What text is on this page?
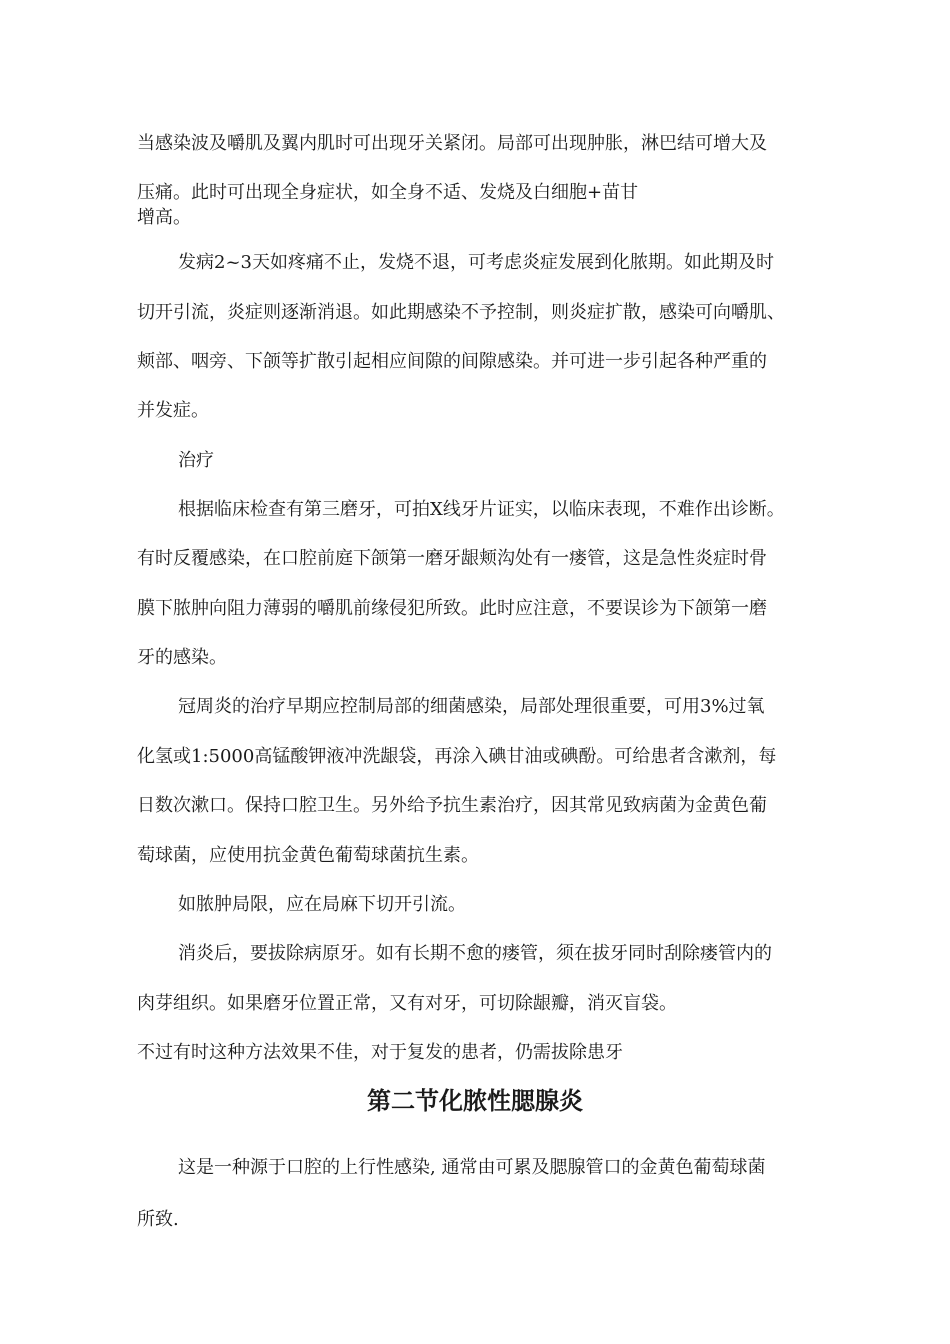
当感染波及嚼肌及翼内肌时可出现牙关紧闭。局部可出现肿胀，淋巴结可增大及
压痛。此时可出现全身症状，如全身不适、发烧及白细胞+苗甘
增高。
发病2~3天如疼痛不止，发烧不退，可考虑炎症发展到化脓期。如此期及时
切开引流，炎症则逐渐消退。如此期感染不予控制，则炎症扩散，感染可向嚼肌、
颊部、咽旁、下颌等扩散引起相应间隙的间隙感染。并可进一步引起各种严重的
并发症。
治疗
根据临床检查有第三磨牙，可拍X线牙片证实，以临床表现，不难作出诊断。
有时反覆感染，在口腔前庭下颌第一磨牙龈颊沟处有一瘘管，这是急性炎症时骨
膜下脓肿向阻力薄弱的嚼肌前缘侵犯所致。此时应注意，不要误诊为下颌第一磨
牙的感染。
冠周炎的治疗早期应控制局部的细菌感染，局部处理很重要，可用3%过氧
化氢或1:5000高锰酸钾液冲洗龈袋，再涂入碘甘油或碘酚。可给患者含漱剂，每
日数次漱口。保持口腔卫生。另外给予抗生素治疗，因其常见致病菌为金黄色葡
萄球菌，应使用抗金黄色葡萄球菌抗生素。
如脓肿局限，应在局麻下切开引流。
消炎后，要拔除病原牙。如有长期不愈的瘘管，须在拔牙同时刮除瘘管内的
肉芽组织。如果磨牙位置正常，又有对牙，可切除龈瓣，消灭盲袋。
不过有时这种方法效果不佳，对于复发的患者，仍需拔除患牙
第二节化脓性腮腺炎
这是一种源于口腔的上行性感染, 通常由可累及腮腺管口的金黄色葡萄球菌
所致.
